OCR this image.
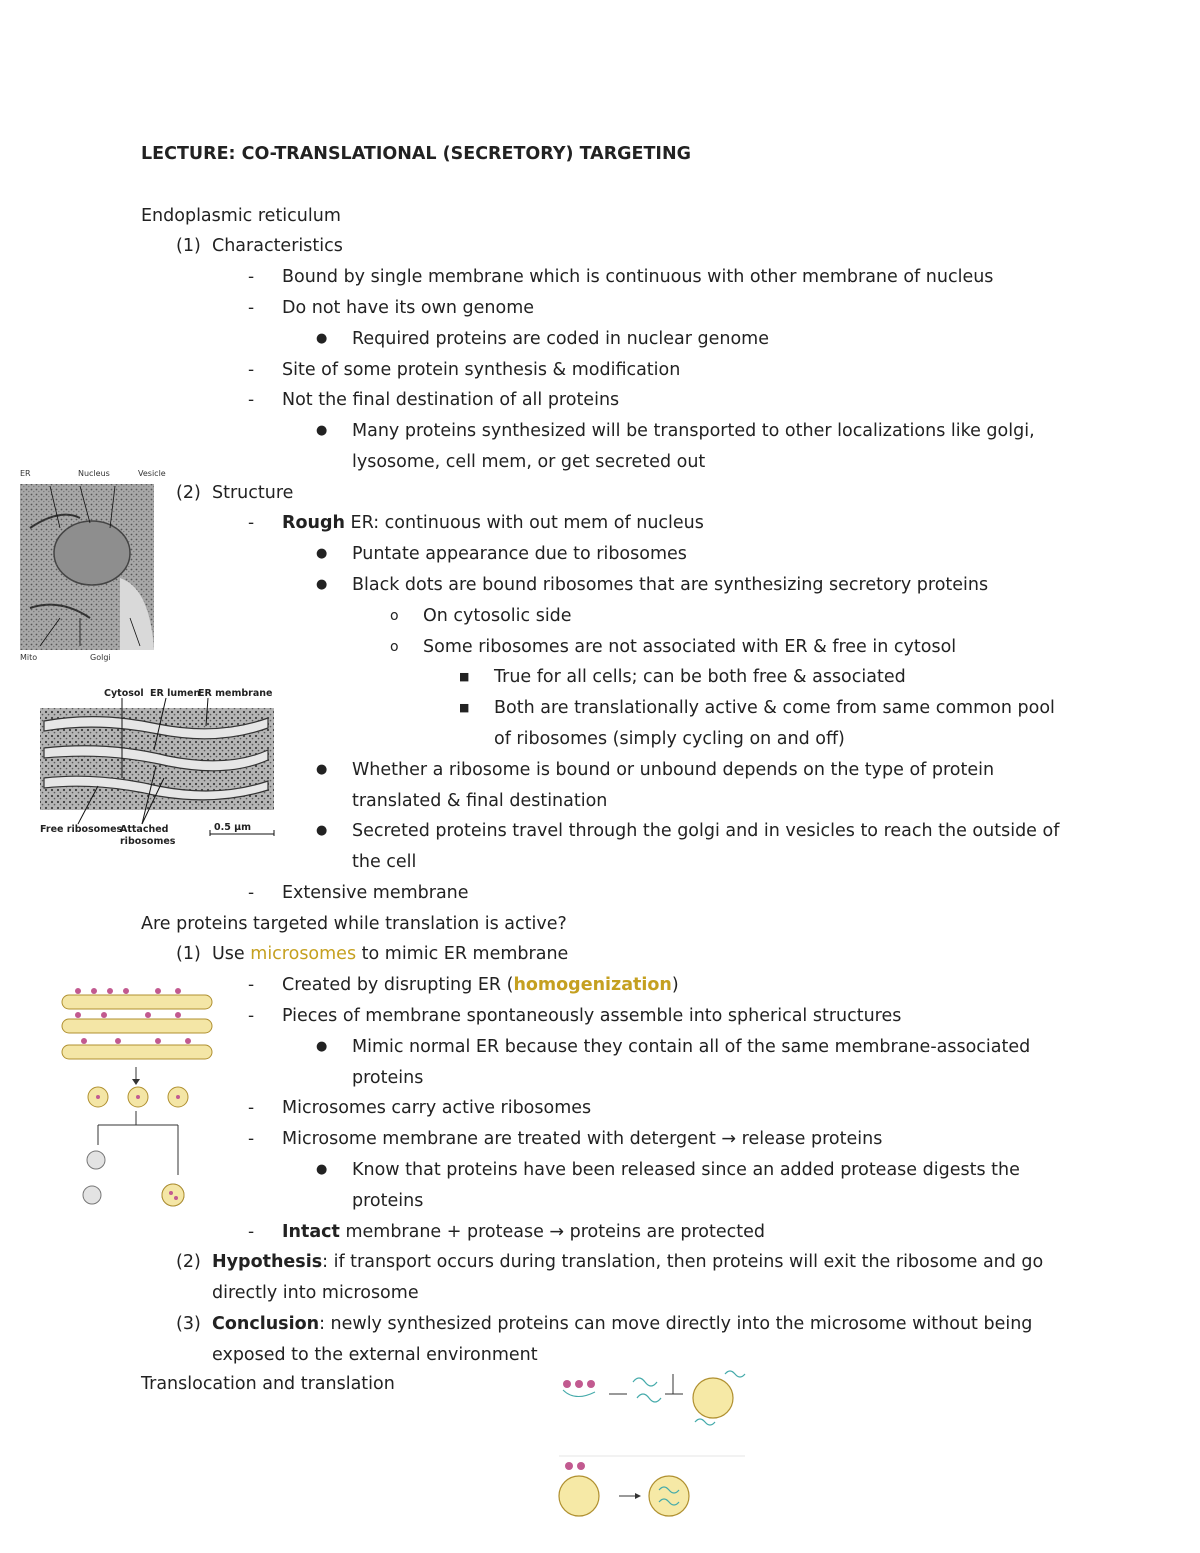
LECTURE: CO-TRANSLATIONAL (SECRETORY) TARGETING
Endoplasmic reticulum
(1) Characteristics
- Bound by single membrane which is continuous with other membrane of nucleus
- Do not have its own genome
● Required proteins are coded in nuclear genome
- Site of some protein synthesis & modification
- Not the final destination of all proteins
● Many proteins synthesized will be transported to other localizations like golgi,
lysosome, cell mem, or get secreted out
(2) Structure
- Rough ER: continuous with out mem of nucleus
● Puntate appearance due to ribosomes
● Black dots are bound ribosomes that are synthesizing secretory proteins
o On cytosolic side
o Some ribosomes are not associated with ER & free in cytosol
■ True for all cells; can be both free & associated
■ Both are translationally active & come from same common pool
of ribosomes (simply cycling on and off)
● Whether a ribosome is bound or unbound depends on the type of protein
translated & final destination
● Secreted proteins travel through the golgi and in vesicles to reach the outside of
the cell
- Extensive membrane
Are proteins targeted while translation is active?
(1) Use microsomes to mimic ER membrane
- Created by disrupting ER (homogenization)
- Pieces of membrane spontaneously assemble into spherical structures
● Mimic normal ER because they contain all of the same membrane-associated
proteins
- Microsomes carry active ribosomes
- Microsome membrane are treated with detergent → release proteins
● Know that proteins have been released since an added protease digests the
proteins
- Intact membrane + protease → proteins are protected
(2) Hypothesis: if transport occurs during translation, then proteins will exit the ribosome and go
directly into microsome
(3) Conclusion: newly synthesized proteins can move directly into the microsome without being
exposed to the external environment
Translocation and translation
ER	Nucleus	Vesicle
Mito	Golgi
Cytosol ER lumen
ER membrane
Free ribosomes
Attached
ribosomes
0.5 μm
